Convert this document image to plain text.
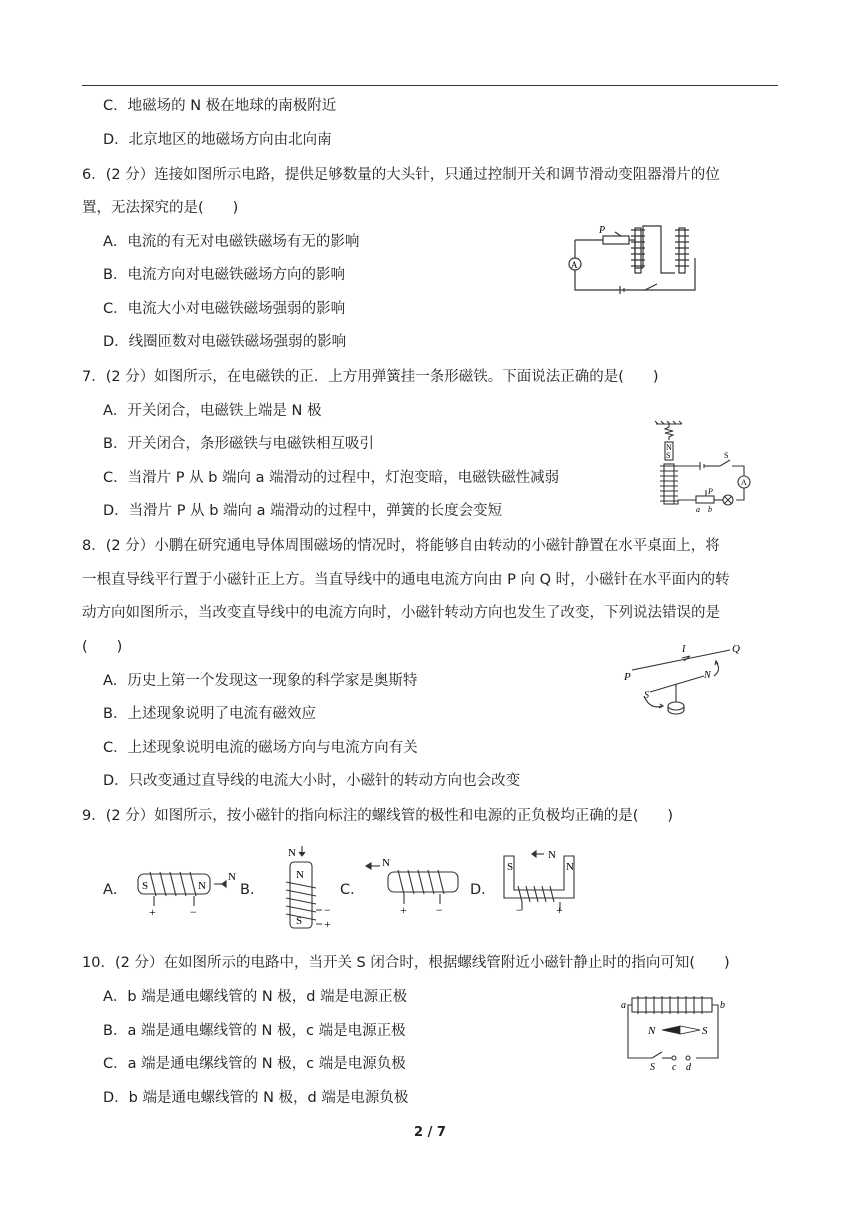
C．地磁场的 N 极在地球的南极附近
D．北京地区的地磁场方向由北向南
6．(2 分）连接如图所示电路，提供足够数量的大头针，只通过控制开关和调节滑动变阻器滑片的位
置，无法探究的是(　　)
A．电流的有无对电磁铁磁场有无的影响
B．电流方向对电磁铁磁场方向的影响
C．电流大小对电磁铁磁场强弱的影响
D．线圈匝数对电磁铁磁场强弱的影响
P
A
7．(2 分）如图所示，在电磁铁的正．上方用弹簧挂一条形磁铁。下面说法正确的是(　　)
A．开关闭合，电磁铁上端是 N 极
B．开关闭合，条形磁铁与电磁铁相互吸引
C．当滑片 P 从 b 端向 a 端滑动的过程中，灯泡变暗，电磁铁磁性减弱
D．当滑片 P 从 b 端向 a 端滑动的过程中，弹簧的长度会变短
N
S	S
A
P
a b
8．(2 分）小鹏在研究通电导体周围磁场的情况时，将能够自由转动的小磁针静置在水平桌面上，将
一根直导线平行置于小磁针正上方。当直导线中的通电电流方向由 P 向 Q 时，小磁针在水平面内的转
动方向如图所示，当改变直导线中的电流方向时，小磁针转动方向也发生了改变，下列说法错误的是
(　　)
A．历史上第一个发现这一现象的科学家是奥斯特
B．上述现象说明了电流有磁效应
C．上述现象说明电流的磁场方向与电流方向有关
D．只改变通过直导线的电流大小时，小磁针的转动方向也会改变
P
Q
I
N
S
9．(2 分）如图所示，按小磁针的指向标注的螺线管的极性和电源的正负极均正确的是(　　)
A．	B．	C．	D．
S	N
N
+	−
N
N
S
−
+
N
+ −
S
N
N
−	+
10．(2 分）在如图所示的电路中，当开关 S 闭合时，根据螺线管附近小磁针静止时的指向可知(　　)
A．b 端是通电螺线管的 N 极，d 端是电源正极
B．a 端是通电螺线管的 N 极，c 端是电源正极
C．a 端是通电缧线管的 N 极，c 端是电源负极
D．b 端是通电螺线管的 N 极，d 端是电源负极
a	b
N	S
S c d
2 / 7
